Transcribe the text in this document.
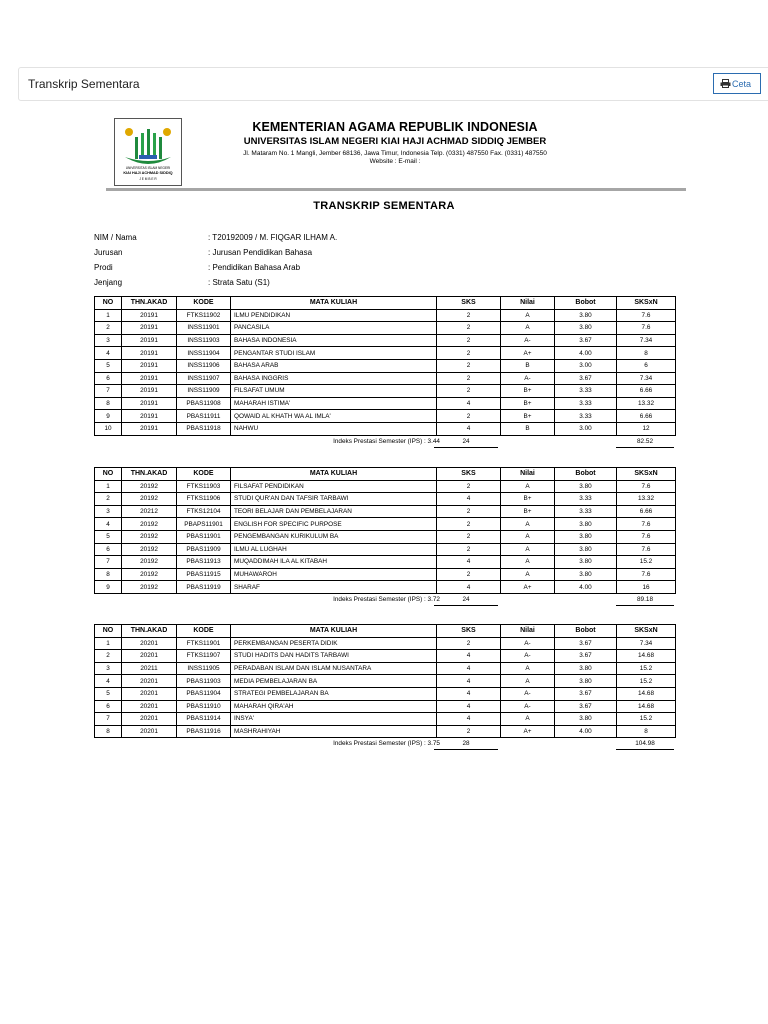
Transkrip Sementara	Ceta
UNIVERSITAS ISLAM NEGERI
KIAI HAJI ACHMAD SIDDIQ
J E M B E R
KEMENTERIAN AGAMA REPUBLIK INDONESIA
UNIVERSITAS ISLAM NEGERI KIAI HAJI ACHMAD SIDDIQ JEMBER
Jl. Mataram No. 1 Mangli, Jember 68136, Jawa Timur, Indonesia Telp. (0331) 487550 Fax. (0331) 487550
Website : E-mail :
TRANSKRIP SEMENTARA
NIM / Nama	: T20192009 / M. FIQGAR ILHAM A.
Jurusan	: Jurusan Pendidikan Bahasa
Prodi	: Pendidikan Bahasa Arab
Jenjang	: Strata Satu (S1)
NO	THN.AKAD	KODE	MATA KULIAH	SKS	Nilai	Bobot	SKSxN
1	20191	FTKS11902	ILMU PENDIDIKAN	2	A	3.80	7.6
2	20191	INSS11901	PANCASILA	2	A	3.80	7.6
3	20191	INSS11903	BAHASA INDONESIA	2	A-	3.67	7.34
4	20191	INSS11904	PENGANTAR STUDI ISLAM	2	A+	4.00	8
5	20191	INSS11906	BAHASA ARAB	2	B	3.00	6
6	20191	INSS11907	BAHASA INGGRIS	2	A-	3.67	7.34
7	20191	INSS11909	FILSAFAT UMUM	2	B+	3.33	6.66
8	20191	PBAS11908	MAHARAH ISTIMA'	4	B+	3.33	13.32
9	20191	PBAS11911	QOWAID AL KHATH WA AL IMLA'	2	B+	3.33	6.66
10	20191	PBAS11918	NAHWU	4	B	3.00	12
Indeks Prestasi Semester (IPS) : 3.44	24	82.52
NO	THN.AKAD	KODE	MATA KULIAH	SKS	Nilai	Bobot	SKSxN
1	20192	FTKS11903	FILSAFAT PENDIDIKAN	2	A	3.80	7.6
2	20192	FTKS11906	STUDI QUR'AN DAN TAFSIR TARBAWI	4	B+	3.33	13.32
3	20212	FTKS12104	TEORI BELAJAR DAN PEMBELAJARAN	2	B+	3.33	6.66
4	20192	PBAPS11901	ENGLISH FOR SPECIFIC PURPOSE	2	A	3.80	7.6
5	20192	PBAS11901	PENGEMBANGAN KURIKULUM BA	2	A	3.80	7.6
6	20192	PBAS11909	ILMU AL LUGHAH	2	A	3.80	7.6
7	20192	PBAS11913	MUQADDIMAH ILA AL KITABAH	4	A	3.80	15.2
8	20192	PBAS11915	MUHAWAROH	2	A	3.80	7.6
9	20192	PBAS11919	SHARAF	4	A+	4.00	16
Indeks Prestasi Semester (IPS) : 3.72	24	89.18
NO	THN.AKAD	KODE	MATA KULIAH	SKS	Nilai	Bobot	SKSxN
1	20201	FTKS11901	PERKEMBANGAN PESERTA DIDIK	2	A-	3.67	7.34
2	20201	FTKS11907	STUDI HADITS DAN HADITS TARBAWI	4	A-	3.67	14.68
3	20211	INSS11905	PERADABAN ISLAM DAN ISLAM NUSANTARA	4	A	3.80	15.2
4	20201	PBAS11903	MEDIA PEMBELAJARAN BA	4	A	3.80	15.2
5	20201	PBAS11904	STRATEGI PEMBELAJARAN BA	4	A-	3.67	14.68
6	20201	PBAS11910	MAHARAH QIRA'AH	4	A-	3.67	14.68
7	20201	PBAS11914	INSYA'	4	A	3.80	15.2
8	20201	PBAS11916	MASHRAHIYAH	2	A+	4.00	8
Indeks Prestasi Semester (IPS) : 3.75	28	104.98
